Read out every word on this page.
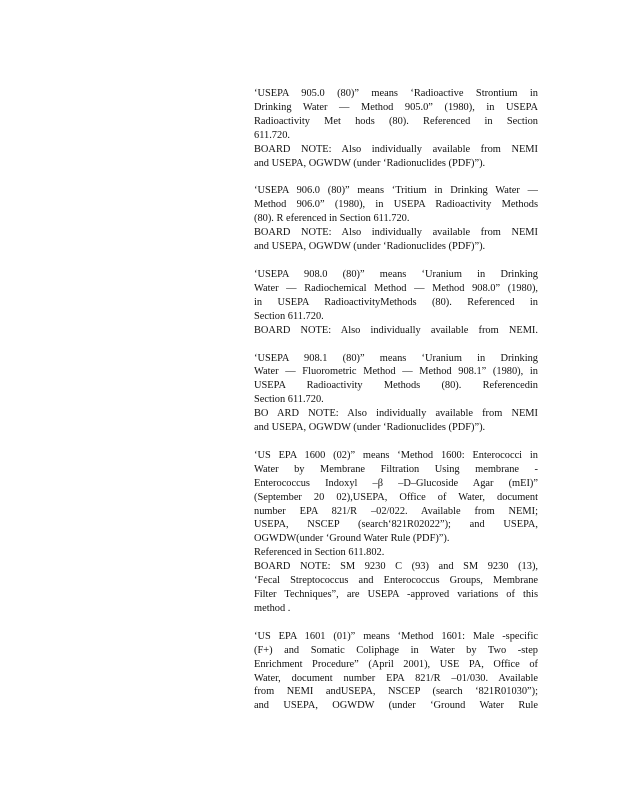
‘USEPA 905.0 (80)” means ‘Radioactive Strontium in
Drinking Water — Method 905.0” (1980), in USEPA
Radioactivity Met hods (80). Referenced in Section
611.720.
BOARD NOTE: Also individually available from NEMI
and USEPA, OGWDW (under ‘Radionuclides (PDF)”).
‘USEPA 906.0 (80)” means ‘Tritium in Drinking Water —
Method 906.0” (1980), in USEPA Radioactivity Methods
(80). R eferenced in Section 611.720.
BOARD NOTE: Also individually available from NEMI
and USEPA, OGWDW (under ‘Radionuclides (PDF)”).
‘USEPA 908.0 (80)” means ‘Uranium in Drinking
Water — Radiochemical Method — Method 908.0” (1980),
in USEPA RadioactivityMethods (80). Referenced in
Section 611.720.
BOARD NOTE: Also individually available from NEMI.
‘USEPA 908.1 (80)” means ‘Uranium in Drinking
Water — Fluorometric Method — Method 908.1” (1980), in
USEPA Radioactivity Methods (80). Referencedin
Section 611.720.
BO ARD NOTE: Also individually available from NEMI
and USEPA, OGWDW (under ‘Radionuclides (PDF)”).
‘US EPA 1600 (02)” means ‘Method 1600: Enterococci in
Water by Membrane Filtration Using membrane -
Enterococcus Indoxyl –β –D–Glucoside Agar (mEI)”
(September 20 02),USEPA, Office of Water, document
number EPA 821/R –02/022. Available from NEMI;
USEPA, NSCEP (search‘821R02022”); and USEPA,
OGWDW(under ‘Ground Water Rule (PDF)”).
Referenced in Section 611.802.
BOARD NOTE: SM 9230 C (93) and SM 9230 (13),
‘Fecal Streptococcus and Enterococcus Groups, Membrane
Filter Techniques”, are USEPA -approved variations of this
method .
‘US EPA 1601 (01)” means ‘Method 1601: Male -specific
(F+) and Somatic Coliphage in Water by Two -step
Enrichment Procedure” (April 2001), USE PA, Office of
Water, document number EPA 821/R –01/030. Available
from NEMI andUSEPA, NSCEP (search ‘821R01030”);
and USEPA, OGWDW (under ‘Ground Water Rule
